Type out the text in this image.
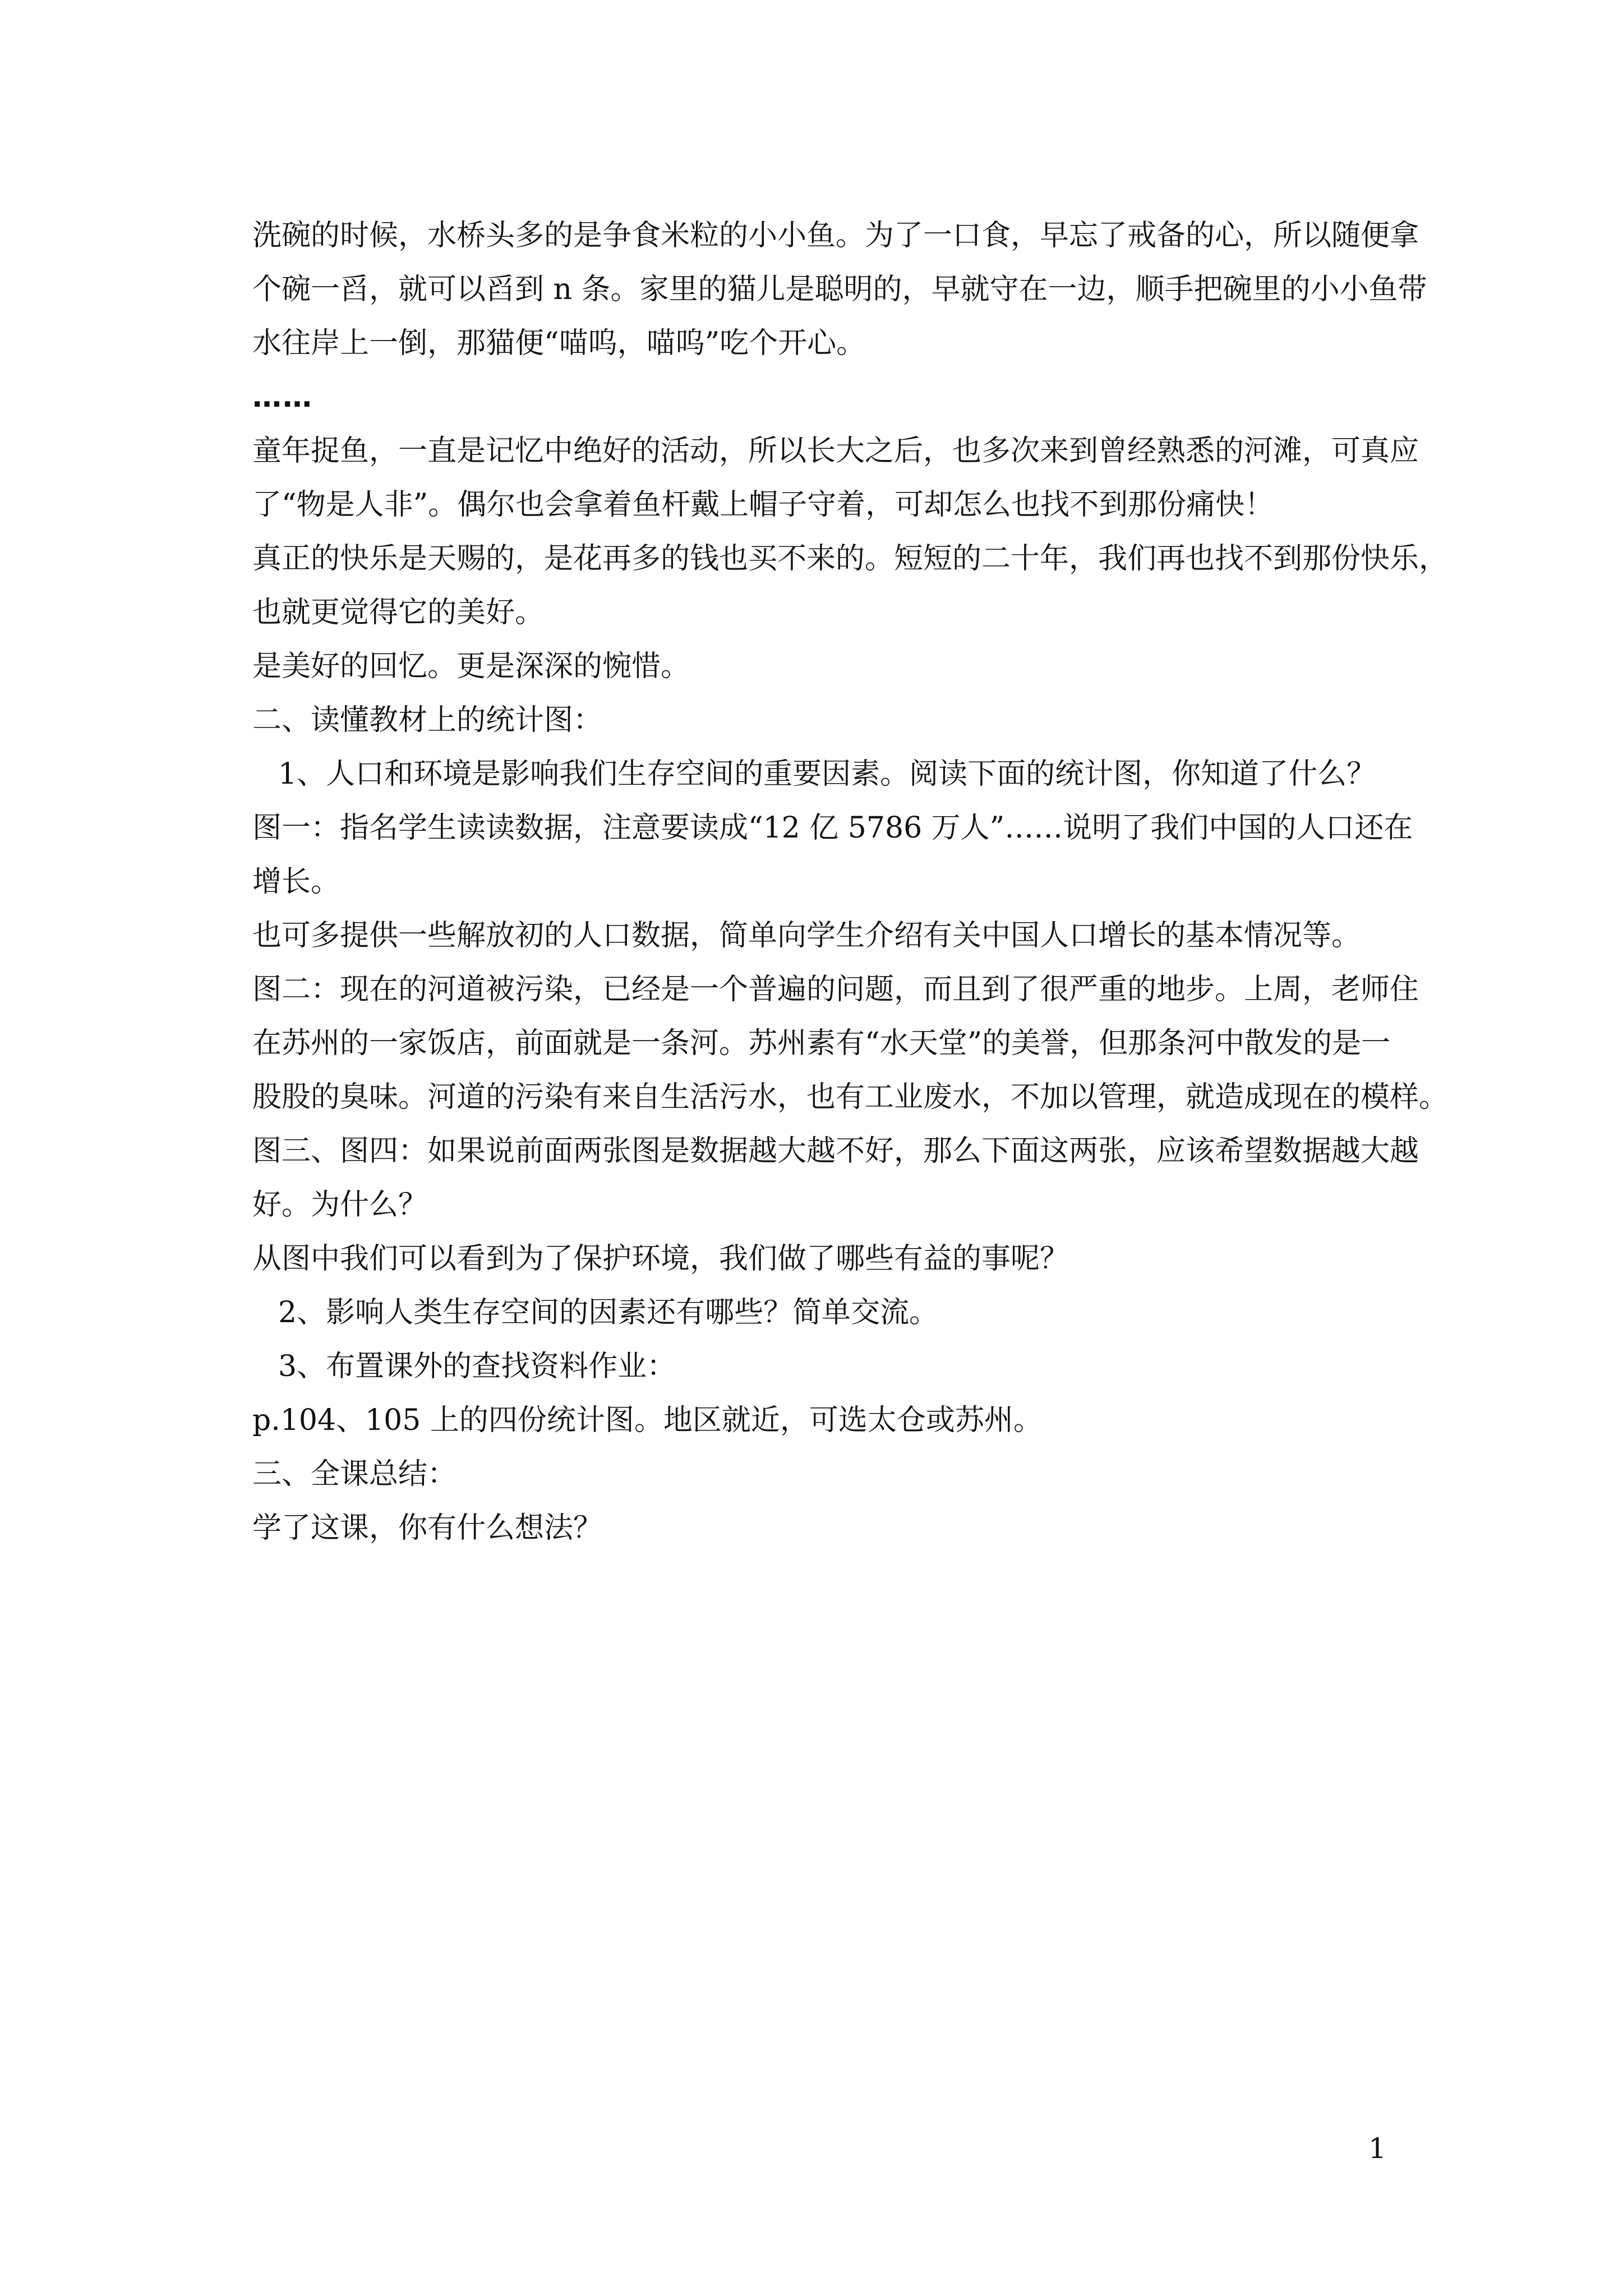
洗碗的时候，水桥头多的是争食米粒的小小鱼。为了一口食，早忘了戒备的心，所以随便拿

个碗一舀，就可以舀到 n 条。家里的猫儿是聪明的，早就守在一边，顺手把碗里的小小鱼带

水往岸上一倒，那猫便“喵呜，喵呜”吃个开心。

……

童年捉鱼，一直是记忆中绝好的活动，所以长大之后，也多次来到曾经熟悉的河滩，可真应

了“物是人非”。偶尔也会拿着鱼杆戴上帽子守着，可却怎么也找不到那份痛快！

真正的快乐是天赐的，是花再多的钱也买不来的。短短的二十年，我们再也找不到那份快乐，

也就更觉得它的美好。

是美好的回忆。更是深深的惋惜。

二、读懂教材上的统计图：

1、人口和环境是影响我们生存空间的重要因素。阅读下面的统计图，你知道了什么？

图一：指名学生读读数据，注意要读成“12 亿 5786 万人”……说明了我们中国的人口还在

增长。

也可多提供一些解放初的人口数据，简单向学生介绍有关中国人口增长的基本情况等。

图二：现在的河道被污染，已经是一个普遍的问题，而且到了很严重的地步。上周，老师住

在苏州的一家饭店，前面就是一条河。苏州素有“水天堂”的美誉，但那条河中散发的是一

股股的臭味。河道的污染有来自生活污水，也有工业废水，不加以管理，就造成现在的模样。

图三、图四：如果说前面两张图是数据越大越不好，那么下面这两张，应该希望数据越大越

好。为什么？

从图中我们可以看到为了保护环境，我们做了哪些有益的事呢？

2、影响人类生存空间的因素还有哪些？简单交流。

3、布置课外的查找资料作业：

p.104、105 上的四份统计图。地区就近，可选太仓或苏州。

三、全课总结：

学了这课，你有什么想法？

1
